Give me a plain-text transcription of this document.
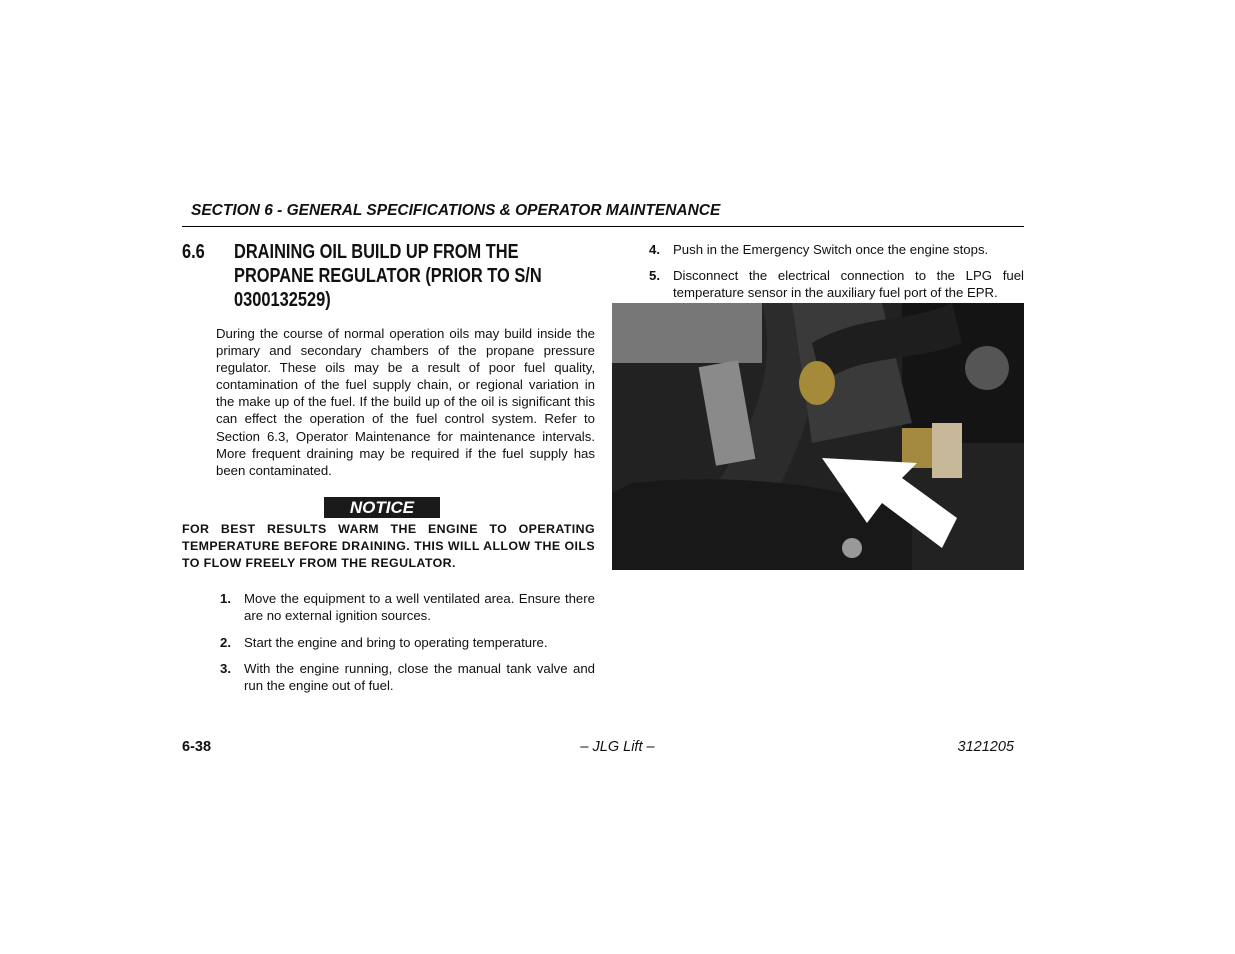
SECTION 6 - GENERAL SPECIFICATIONS & OPERATOR MAINTENANCE
6.6 DRAINING OIL BUILD UP FROM THE
PROPANE REGULATOR (PRIOR TO S/N
0300132529)
During the course of normal operation oils may build inside the primary and secondary chambers of the propane pressure regulator. These oils may be a result of poor fuel quality, contamination of the fuel supply chain, or regional variation in the make up of the fuel. If the build up of the oil is significant this can effect the operation of the fuel control system. Refer to Section 6.3, Operator Maintenance for maintenance intervals. More frequent draining may be required if the fuel supply has been contaminated.
NOTICE
FOR BEST RESULTS WARM THE ENGINE TO OPERATING TEMPERATURE BEFORE DRAINING. THIS WILL ALLOW THE OILS TO FLOW FREELY FROM THE REGULATOR.
1. Move the equipment to a well ventilated area. Ensure there are no external ignition sources.
2. Start the engine and bring to operating temperature.
3. With the engine running, close the manual tank valve and run the engine out of fuel.
4. Push in the Emergency Switch once the engine stops.
5. Disconnect the electrical connection to the LPG fuel temperature sensor in the auxiliary fuel port of the EPR.
6-38	– JLG Lift –	3121205
